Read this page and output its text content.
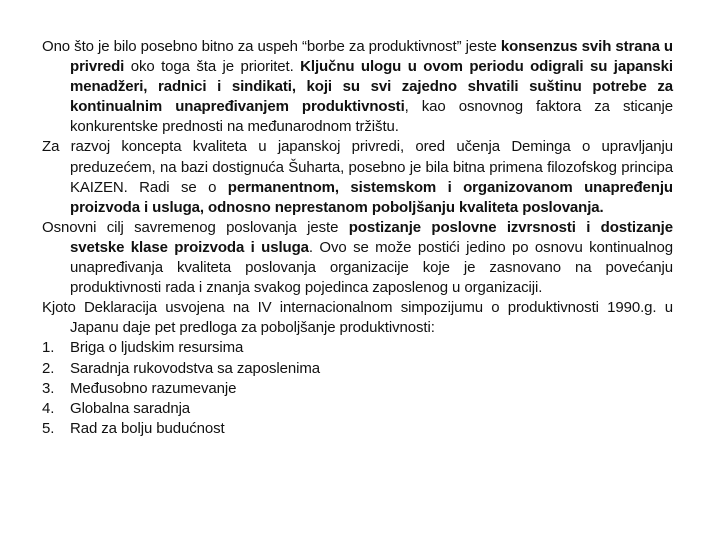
Ono što je bilo posebno bitno za uspeh “borbe za produktivnost” jeste konsenzus svih strana u privredi oko toga šta je prioritet. Ključnu ulogu u ovom periodu odigrali su japanski menadžeri, radnici i sindikati, koji su svi zajedno shvatili suštinu potrebe za kontinualnim unapređivanjem produktivnosti, kao osnovnog faktora za sticanje konkurentske prednosti na međunarodnom tržištu.

Za razvoj koncepta kvaliteta u japanskoj privredi, ored učenja Deminga o upravljanju preduzećem, na bazi dostignuća Šuharta, posebno je bila bitna primena filozofskog principa KAIZEN. Radi se o permanentnom, sistemskom i organizovanom unapređenju proizvoda i usluga, odnosno neprestanom poboljšanju kvaliteta poslovanja.

Osnovni cilj savremenog poslovanja jeste postizanje poslovne izvrsnosti i dostizanje svetske klase proizvoda i usluga. Ovo se može postići jedino po osnovu kontinualnog unapređivanja kvaliteta poslovanja organizacije koje je zasnovano na povećanju produktivnosti rada i znanja svakog pojedinca zaposlenog u organizaciji.

Kjoto Deklaracija usvojena na IV internacionalnom simpozijumu o produktivnosti 1990.g. u Japanu daje pet predloga za poboljšanje produktivnosti:

1.	Briga o ljudskim resursima
2.	Saradnja rukovodstva sa zaposlenima
3.	Međusobno razumevanje
4.	Globalna saradnja
5.	Rad za bolju budućnost
